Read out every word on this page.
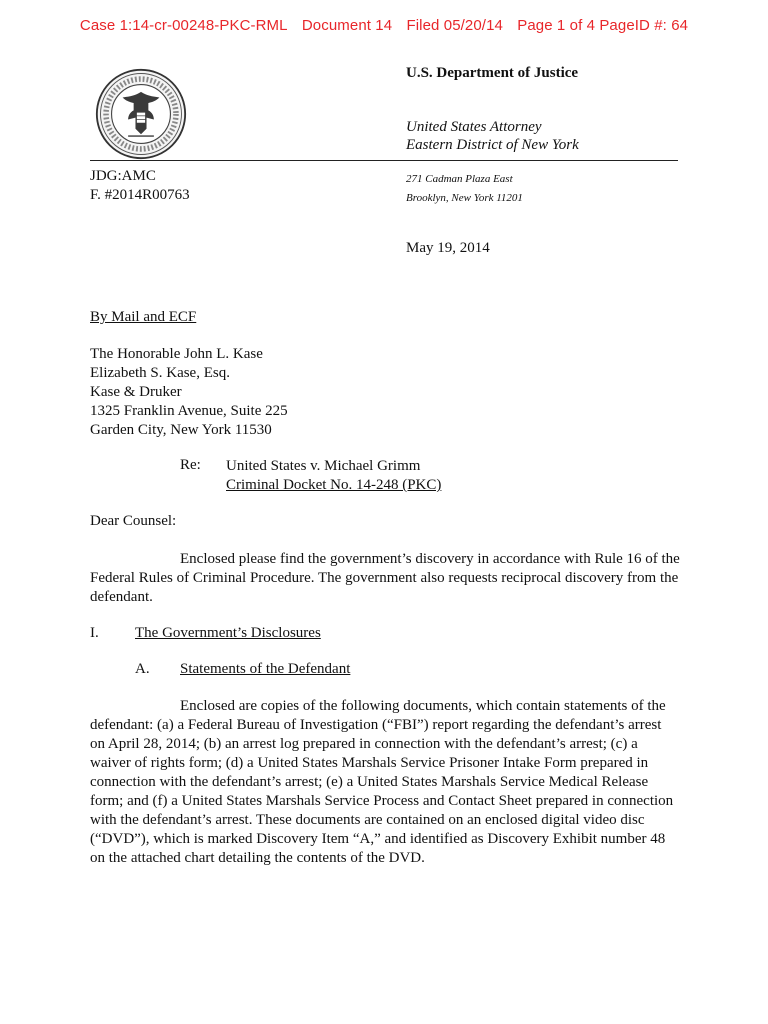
Case 1:14-cr-00248-PKC-RML Document 14 Filed 05/20/14 Page 1 of 4 PageID #: 64
U.S. Department of Justice
United States Attorney
Eastern District of New York
JDG:AMC
F. #2014R00763
271 Cadman Plaza East
Brooklyn, New York 11201
May 19, 2014
By Mail and ECF
The Honorable John L. Kase
Elizabeth S. Kase, Esq.
Kase & Druker
1325 Franklin Avenue, Suite 225
Garden City, New York 11530
Re: United States v. Michael Grimm
Criminal Docket No. 14-248 (PKC)
Dear Counsel:
Enclosed please find the government’s discovery in accordance with Rule 16 of the Federal Rules of Criminal Procedure. The government also requests reciprocal discovery from the defendant.
I. The Government’s Disclosures
A. Statements of the Defendant
Enclosed are copies of the following documents, which contain statements of the defendant: (a) a Federal Bureau of Investigation (“FBI”) report regarding the defendant’s arrest on April 28, 2014; (b) an arrest log prepared in connection with the defendant’s arrest; (c) a waiver of rights form; (d) a United States Marshals Service Prisoner Intake Form prepared in connection with the defendant’s arrest; (e) a United States Marshals Service Medical Release form; and (f) a United States Marshals Service Process and Contact Sheet prepared in connection with the defendant’s arrest. These documents are contained on an enclosed digital video disc (“DVD”), which is marked Discovery Item “A,” and identified as Discovery Exhibit number 48 on the attached chart detailing the contents of the DVD.
